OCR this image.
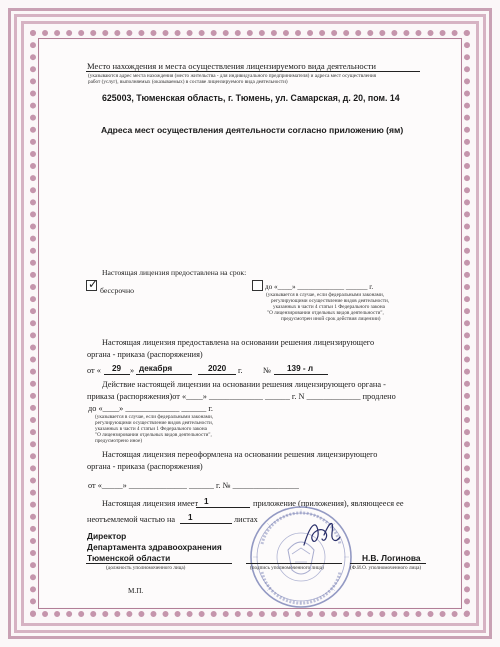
Место нахождения и места осуществления лицензируемого вида деятельности
(указываются адрес места нахождения (место жительства - для индивидуального предпринимателя) и адреса мест осуществления
работ (услуг), выполняемых (оказываемых) в составе лицензируемого вида деятельности)
625003, Тюменская область, г. Тюмень, ул. Самарская, д. 20, пом. 14
Адреса мест осуществления деятельности согласно приложению (ям)
Настоящая лицензия предоставлена на срок:
✓ бессрочно	до «____» _____________ ______ г.
(указывается в случае, если федеральными законами,
регулирующими осуществление видов деятельности,
указанных в части 4 статьи 1 Федерального закона
"О лицензировании отдельных видов деятельности",
предусмотрен иной срок действия лицензии)
Настоящая лицензия предоставлена на основании решения лицензирующего
органа - приказа (распоряжения)
от « 29 » декабря	2020 г. № 139 - л
Действие настоящей лицензии на основании решения лицензирующего органа -
приказа (распоряжения)от «____» _____________ ______ г. N _____________ продлено
до «____» _____________ ______ г.
(указывается в случае, если федеральными законами,
регулирующими осуществление видов деятельности,
указанных в части 4 статьи 1 Федерального закона
"О лицензировании отдельных видов деятельности",
предусмотрено иное)
Настоящая лицензия переоформлена на основании решения лицензирующего
органа - приказа (распоряжения)
от «_____» ______________ ______ г. № ________________
Настоящая лицензия имеет 1	приложение (приложения), являющееся ее
неотъемлемой частью на 1	листах
Директор
Департамента здравоохранения
Тюменской области	Н.В. Логинова
(должность уполномоченного лица)	(подпись уполномоченного лица)	(Ф.И.О. уполномоченного лица)
М.П.
